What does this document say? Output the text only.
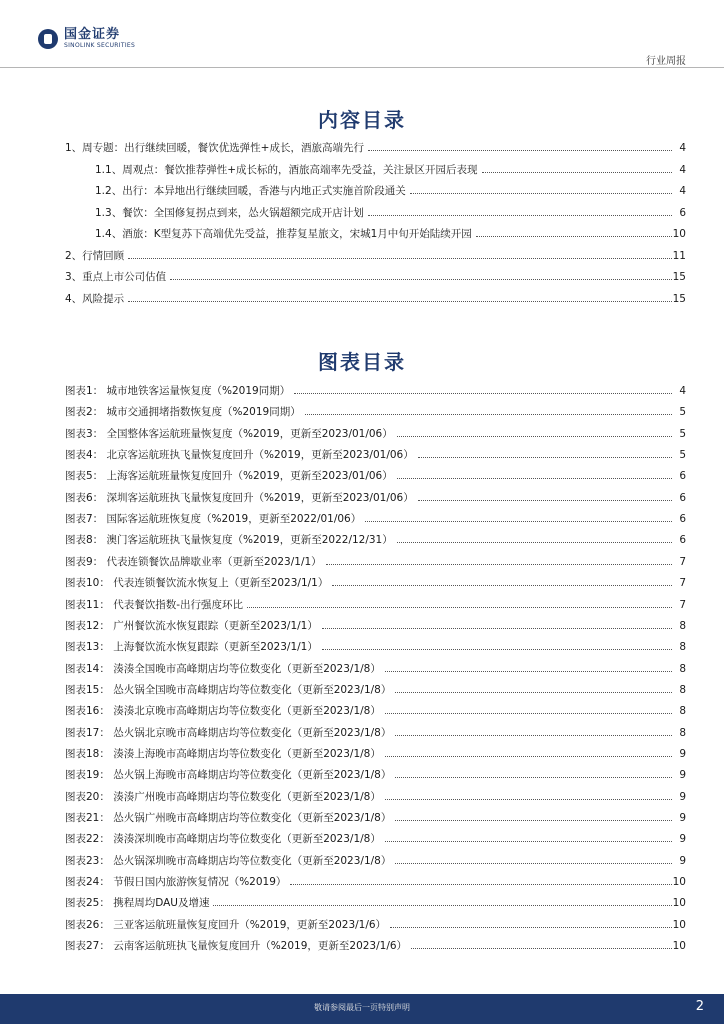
国金证券
SINOLINK SECURITIES
行业周报
内容目录
1、周专题：出行继续回暖，餐饮优选弹性+成长，酒旅高端先行	4
1.1、周观点：餐饮推荐弹性+成长标的，酒旅高端率先受益，关注景区开园后表现	4
1.2、出行：本异地出行继续回暖，香港与内地正式实施首阶段通关	4
1.3、餐饮：全国修复拐点到来，怂火锅超额完成开店计划	6
1.4、酒旅：K型复苏下高端优先受益，推荐复星旅文，宋城1月中旬开始陆续开园	10
2、行情回顾	11
3、重点上市公司估值	15
4、风险提示	15
图表目录
图表1： 城市地铁客运量恢复度（%2019同期）	4
图表2： 城市交通拥堵指数恢复度（%2019同期）	5
图表3： 全国整体客运航班量恢复度（%2019，更新至2023/01/06）	5
图表4： 北京客运航班执飞量恢复度回升（%2019，更新至2023/01/06）	5
图表5： 上海客运航班量恢复度回升（%2019，更新至2023/01/06）	6
图表6： 深圳客运航班执飞量恢复度回升（%2019，更新至2023/01/06）	6
图表7： 国际客运航班恢复度（%2019，更新至2022/01/06）	6
图表8： 澳门客运航班执飞量恢复度（%2019，更新至2022/12/31）	6
图表9： 代表连锁餐饮品牌歇业率（更新至2023/1/1）	7
图表10： 代表连锁餐饮流水恢复上（更新至2023/1/1）	7
图表11： 代表餐饮指数-出行强度环比	7
图表12： 广州餐饮流水恢复跟踪（更新至2023/1/1）	8
图表13： 上海餐饮流水恢复跟踪（更新至2023/1/1）	8
图表14： 湊湊全国晚市高峰期店均等位数变化（更新至2023/1/8）	8
图表15： 怂火锅全国晚市高峰期店均等位数变化（更新至2023/1/8）	8
图表16： 湊湊北京晚市高峰期店均等位数变化（更新至2023/1/8）	8
图表17： 怂火锅北京晚市高峰期店均等位数变化（更新至2023/1/8）	8
图表18： 湊湊上海晚市高峰期店均等位数变化（更新至2023/1/8）	9
图表19： 怂火锅上海晚市高峰期店均等位数变化（更新至2023/1/8）	9
图表20： 湊湊广州晚市高峰期店均等位数变化（更新至2023/1/8）	9
图表21： 怂火锅广州晚市高峰期店均等位数变化（更新至2023/1/8）	9
图表22： 湊湊深圳晚市高峰期店均等位数变化（更新至2023/1/8）	9
图表23： 怂火锅深圳晚市高峰期店均等位数变化（更新至2023/1/8）	9
图表24： 节假日国内旅游恢复情况（%2019）	10
图表25： 携程周均DAU及增速	10
图表26： 三亚客运航班量恢复度回升（%2019，更新至2023/1/6）	10
图表27： 云南客运航班执飞量恢复度回升（%2019，更新至2023/1/6）	10
敬请参阅最后一页特别声明	2
